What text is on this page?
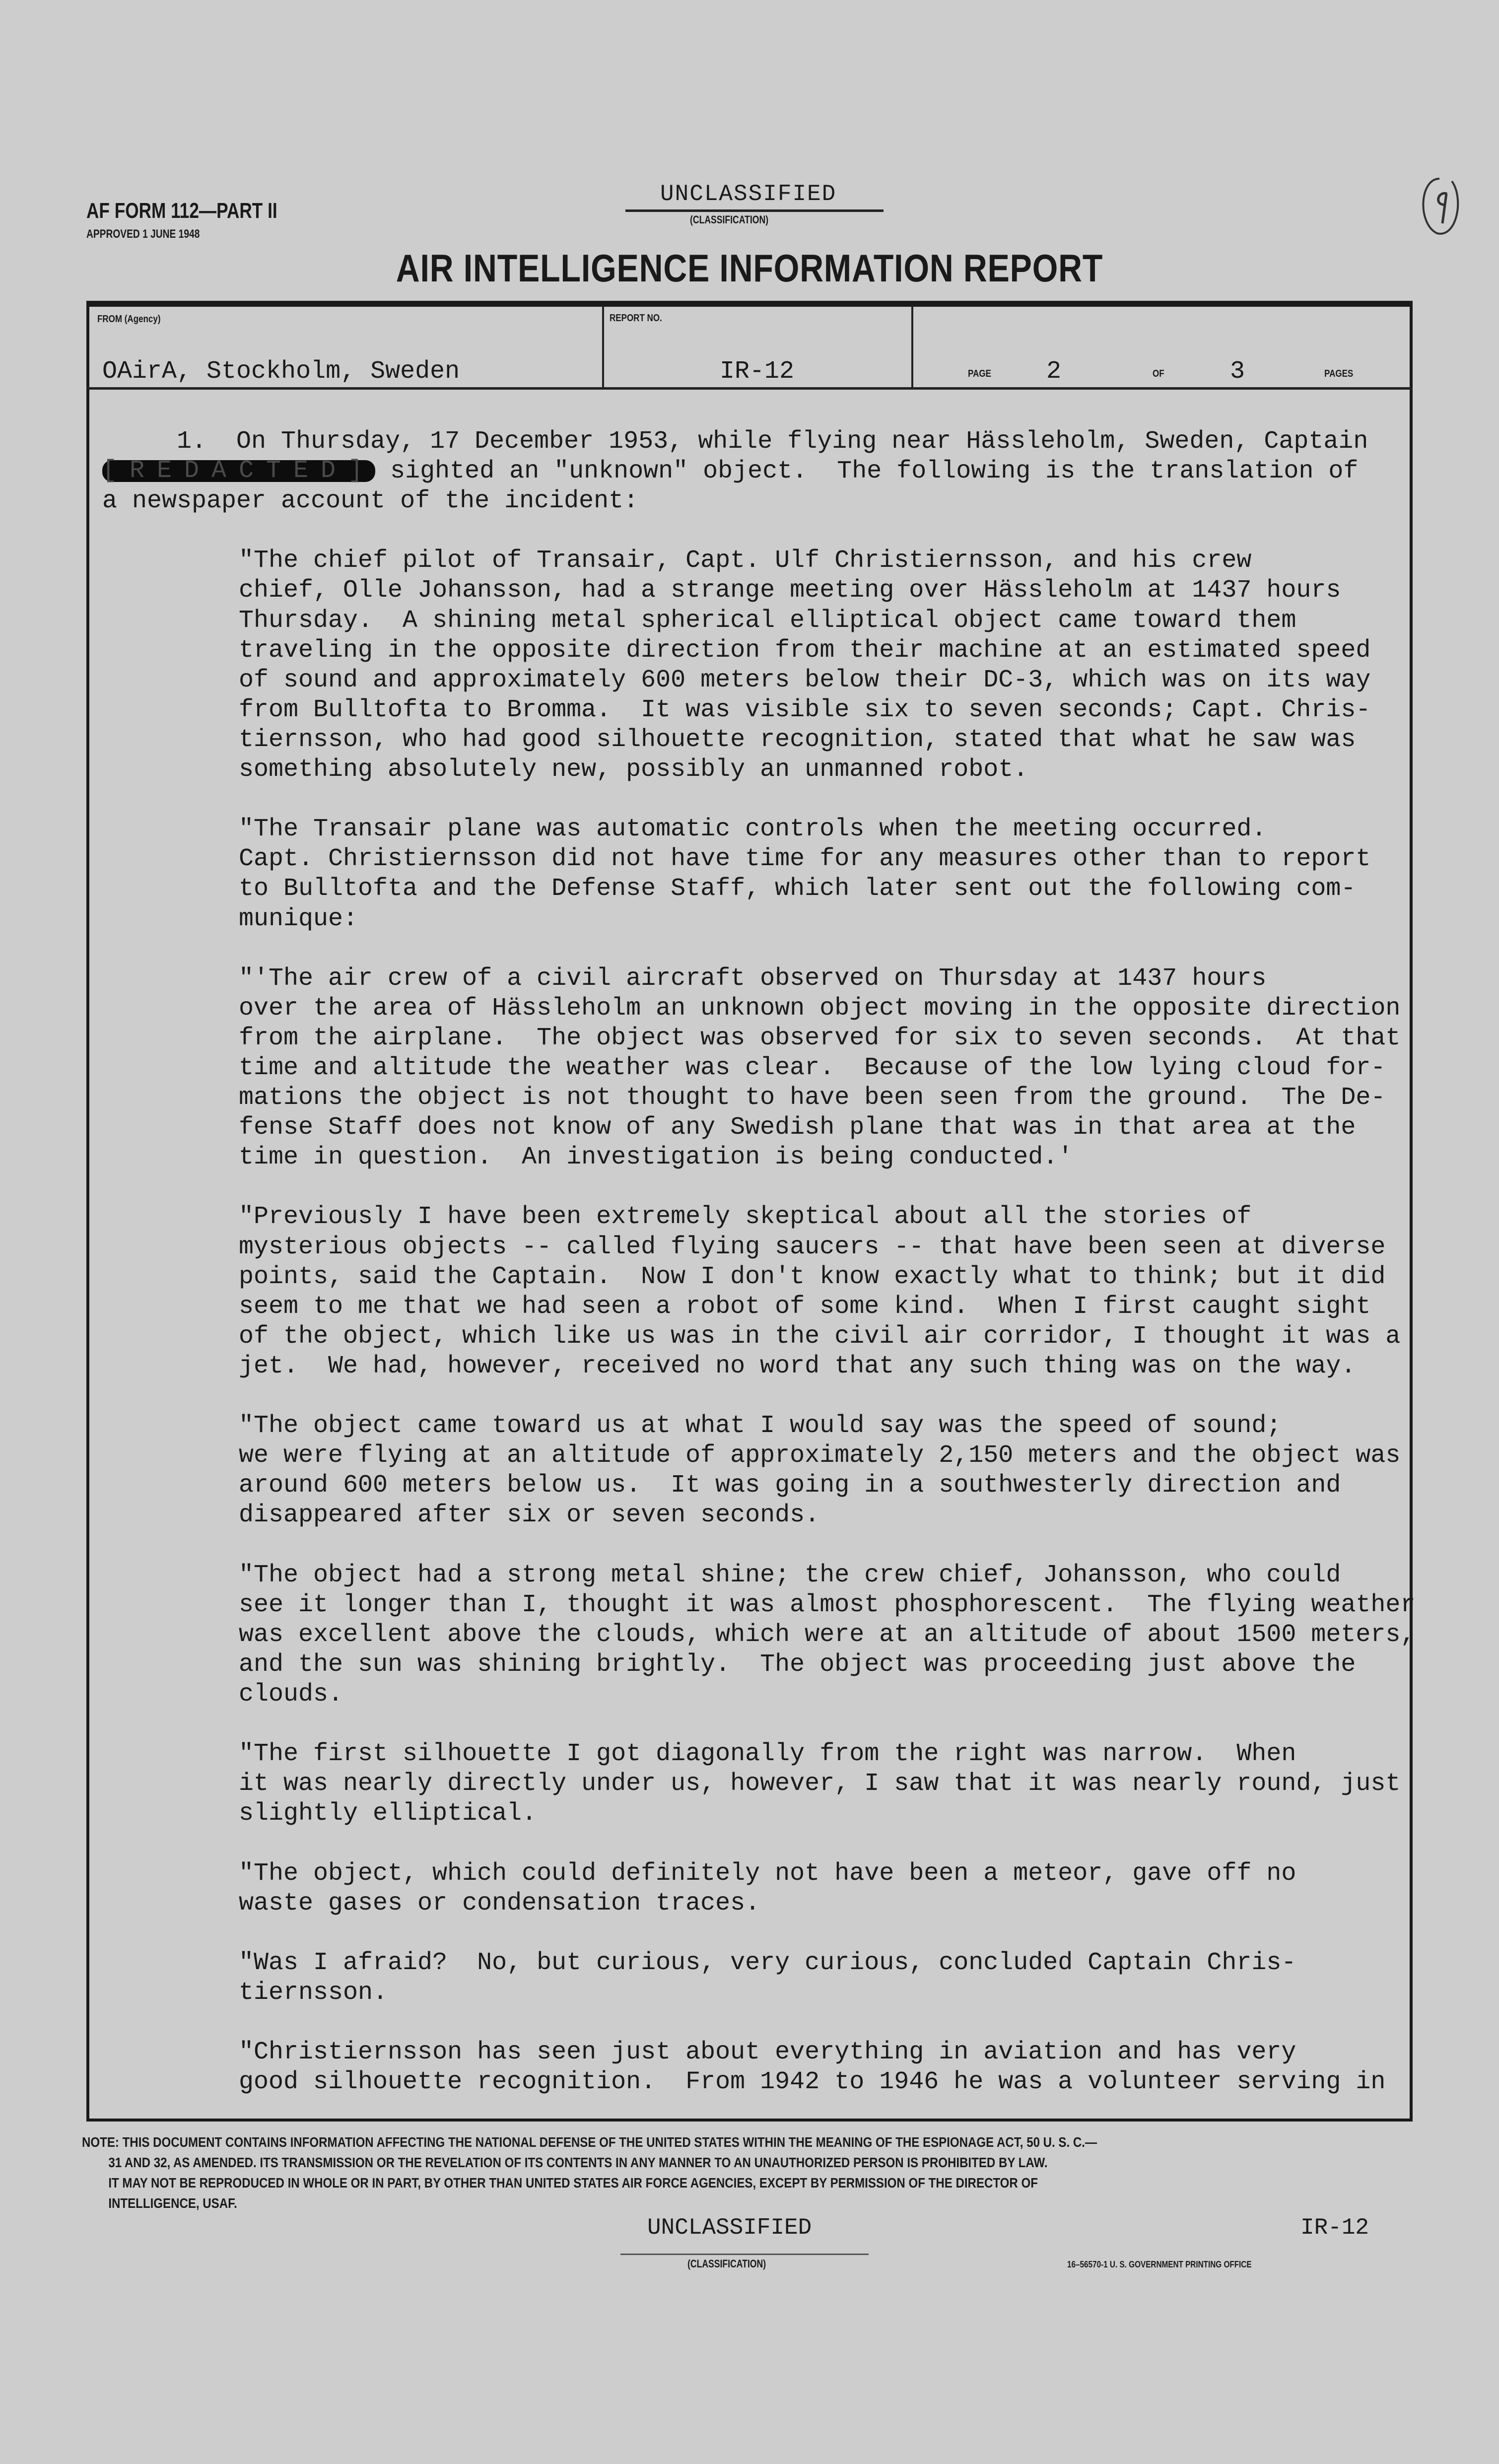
AF FORM 112—PART II
APPROVED 1 JUNE 1948
UNCLASSIFIED
(CLASSIFICATION)
AIR INTELLIGENCE INFORMATION REPORT
FROM (Agency)
OAirA, Stockholm, Sweden
REPORT NO.
IR-12	PAGE 2	OF	3	PAGES
1.  On Thursday, 17 December 1953, while flying near Hässleholm, Sweden, Captain
[REDACTED] sighted an "unknown" object.  The following is the translation of
a newspaper account of the incident:
"The chief pilot of Transair, Capt. Ulf Christiernsson, and his crew
chief, Olle Johansson, had a strange meeting over Hässleholm at 1437 hours
Thursday.  A shining metal spherical elliptical object came toward them
traveling in the opposite direction from their machine at an estimated speed
of sound and approximately 600 meters below their DC-3, which was on its way
from Bulltofta to Bromma.  It was visible six to seven seconds; Capt. Chris-
tiernsson, who had good silhouette recognition, stated that what he saw was
something absolutely new, possibly an unmanned robot.
"The Transair plane was automatic controls when the meeting occurred.
Capt. Christiernsson did not have time for any measures other than to report
to Bulltofta and the Defense Staff, which later sent out the following com-
munique:
"'The air crew of a civil aircraft observed on Thursday at 1437 hours
over the area of Hässleholm an unknown object moving in the opposite direction
from the airplane.  The object was observed for six to seven seconds.  At that
time and altitude the weather was clear.  Because of the low lying cloud for-
mations the object is not thought to have been seen from the ground.  The De-
fense Staff does not know of any Swedish plane that was in that area at the
time in question.  An investigation is being conducted.'
"Previously I have been extremely skeptical about all the stories of
mysterious objects -- called flying saucers -- that have been seen at diverse
points, said the Captain.  Now I don't know exactly what to think; but it did
seem to me that we had seen a robot of some kind.  When I first caught sight
of the object, which like us was in the civil air corridor, I thought it was a
jet.  We had, however, received no word that any such thing was on the way.
"The object came toward us at what I would say was the speed of sound;
we were flying at an altitude of approximately 2,150 meters and the object was
around 600 meters below us.  It was going in a southwesterly direction and
disappeared after six or seven seconds.
"The object had a strong metal shine; the crew chief, Johansson, who could
see it longer than I, thought it was almost phosphorescent.  The flying weather
was excellent above the clouds, which were at an altitude of about 1500 meters,
and the sun was shining brightly.  The object was proceeding just above the
clouds.
"The first silhouette I got diagonally from the right was narrow.  When
it was nearly directly under us, however, I saw that it was nearly round, just
slightly elliptical.
"The object, which could definitely not have been a meteor, gave off no
waste gases or condensation traces.
"Was I afraid?  No, but curious, very curious, concluded Captain Chris-
tiernsson.
"Christiernsson has seen just about everything in aviation and has very
good silhouette recognition.  From 1942 to 1946 he was a volunteer serving in
NOTE: THIS DOCUMENT CONTAINS INFORMATION AFFECTING THE NATIONAL DEFENSE OF THE UNITED STATES WITHIN THE MEANING OF THE ESPIONAGE ACT, 50 U. S. C.—
31 AND 32, AS AMENDED. ITS TRANSMISSION OR THE REVELATION OF ITS CONTENTS IN ANY MANNER TO AN UNAUTHORIZED PERSON IS PROHIBITED BY LAW.
IT MAY NOT BE REPRODUCED IN WHOLE OR IN PART, BY OTHER THAN UNITED STATES AIR FORCE AGENCIES, EXCEPT BY PERMISSION OF THE DIRECTOR OF
INTELLIGENCE, USAF.
UNCLASSIFIED	IR-12
(CLASSIFICATION)	16–56570-1 U. S. GOVERNMENT PRINTING OFFICE
